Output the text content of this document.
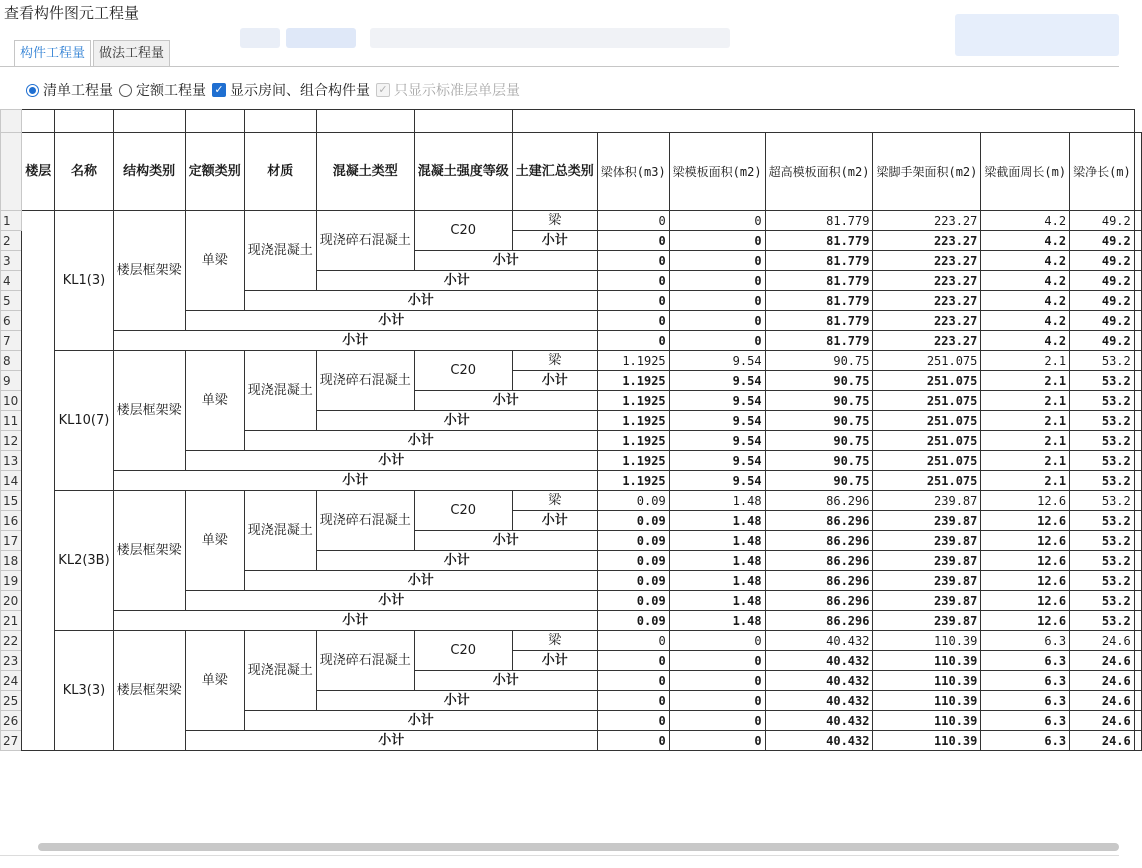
查看构件图元工程量
构件工程量	做法工程量
清单工程量 定额工程量 ✓ 显示房间、组合构件量 ✓ 只显示标准层单层量

	楼层	名称	结构类别	定额类别	材质	混凝土类型	混凝土强度等级	土建汇总类别	梁体积(m3)	梁模板面积(m2)	超高模板面积(m2)	梁脚手架面积(m2)	梁截面周长(m)	梁净长(m)	
1		KL1(3)	楼层框架梁	单梁	现浇混凝土	现浇碎石混凝土	C20	梁	0	0	81.779	223.27	4.2	49.2	
2								小计	0	0	81.779	223.27	4.2	49.2	
3							小计		0	0	81.779	223.27	4.2	49.2	
4						小计			0	0	81.779	223.27	4.2	49.2	
5					小计				0	0	81.779	223.27	4.2	49.2	
6				小计					0	0	81.779	223.27	4.2	49.2	
7			小计						0	0	81.779	223.27	4.2	49.2	
8		KL10(7)	楼层框架梁	单梁	现浇混凝土	现浇碎石混凝土	C20	梁	1.1925	9.54	90.75	251.075	2.1	53.2	
9								小计	1.1925	9.54	90.75	251.075	2.1	53.2	
10							小计		1.1925	9.54	90.75	251.075	2.1	53.2	
11						小计			1.1925	9.54	90.75	251.075	2.1	53.2	
12					小计				1.1925	9.54	90.75	251.075	2.1	53.2	
13				小计					1.1925	9.54	90.75	251.075	2.1	53.2	
14			小计						1.1925	9.54	90.75	251.075	2.1	53.2	
15		KL2(3B)	楼层框架梁	单梁	现浇混凝土	现浇碎石混凝土	C20	梁	0.09	1.48	86.296	239.87	12.6	53.2	
16								小计	0.09	1.48	86.296	239.87	12.6	53.2	
17							小计		0.09	1.48	86.296	239.87	12.6	53.2	
18						小计			0.09	1.48	86.296	239.87	12.6	53.2	
19					小计				0.09	1.48	86.296	239.87	12.6	53.2	
20				小计					0.09	1.48	86.296	239.87	12.6	53.2	
21			小计						0.09	1.48	86.296	239.87	12.6	53.2	
22		KL3(3)	楼层框架梁	单梁	现浇混凝土	现浇碎石混凝土	C20	梁	0	0	40.432	110.39	6.3	24.6	
23								小计	0	0	40.432	110.39	6.3	24.6	
24							小计		0	0	40.432	110.39	6.3	24.6	
25						小计			0	0	40.432	110.39	6.3	24.6	
26					小计				0	0	40.432	110.39	6.3	24.6	
27				小计					0	0	40.432	110.39	6.3	24.6	
